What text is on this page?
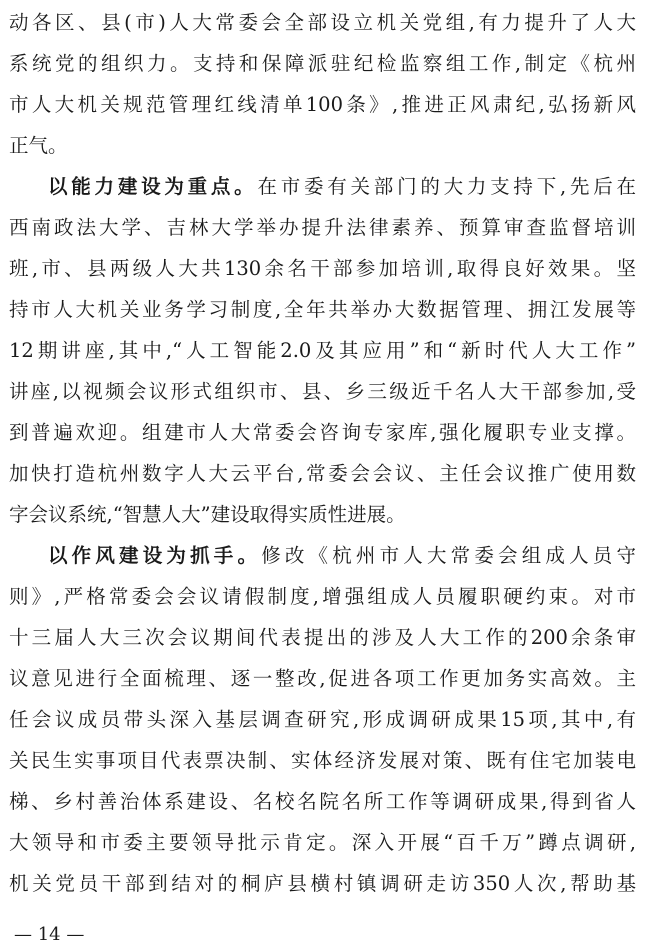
动各区、县(市)人大常委会全部设立机关党组,有力提升了人大
系统党的组织力。支持和保障派驻纪检监察组工作,制定《杭州
市人大机关规范管理红线清单100条》,推进正风肃纪,弘扬新风
正气。
以能力建设为重点。在市委有关部门的大力支持下,先后在
西南政法大学、吉林大学举办提升法律素养、预算审查监督培训
班,市、县两级人大共130余名干部参加培训,取得良好效果。坚
持市人大机关业务学习制度,全年共举办大数据管理、拥江发展等
12期讲座,其中,“人工智能2.0及其应用”和“新时代人大工作”
讲座,以视频会议形式组织市、县、乡三级近千名人大干部参加,受
到普遍欢迎。组建市人大常委会咨询专家库,强化履职专业支撑。
加快打造杭州数字人大云平台,常委会会议、主任会议推广使用数
字会议系统,“智慧人大”建设取得实质性进展。
以作风建设为抓手。修改《杭州市人大常委会组成人员守
则》,严格常委会会议请假制度,增强组成人员履职硬约束。对市
十三届人大三次会议期间代表提出的涉及人大工作的200余条审
议意见进行全面梳理、逐一整改,促进各项工作更加务实高效。主
任会议成员带头深入基层调查研究,形成调研成果15项,其中,有
关民生实事项目代表票决制、实体经济发展对策、既有住宅加装电
梯、乡村善治体系建设、名校名院名所工作等调研成果,得到省人
大领导和市委主要领导批示肯定。深入开展“百千万”蹲点调研,
机关党员干部到结对的桐庐县横村镇调研走访350人次,帮助基
— 14 —
